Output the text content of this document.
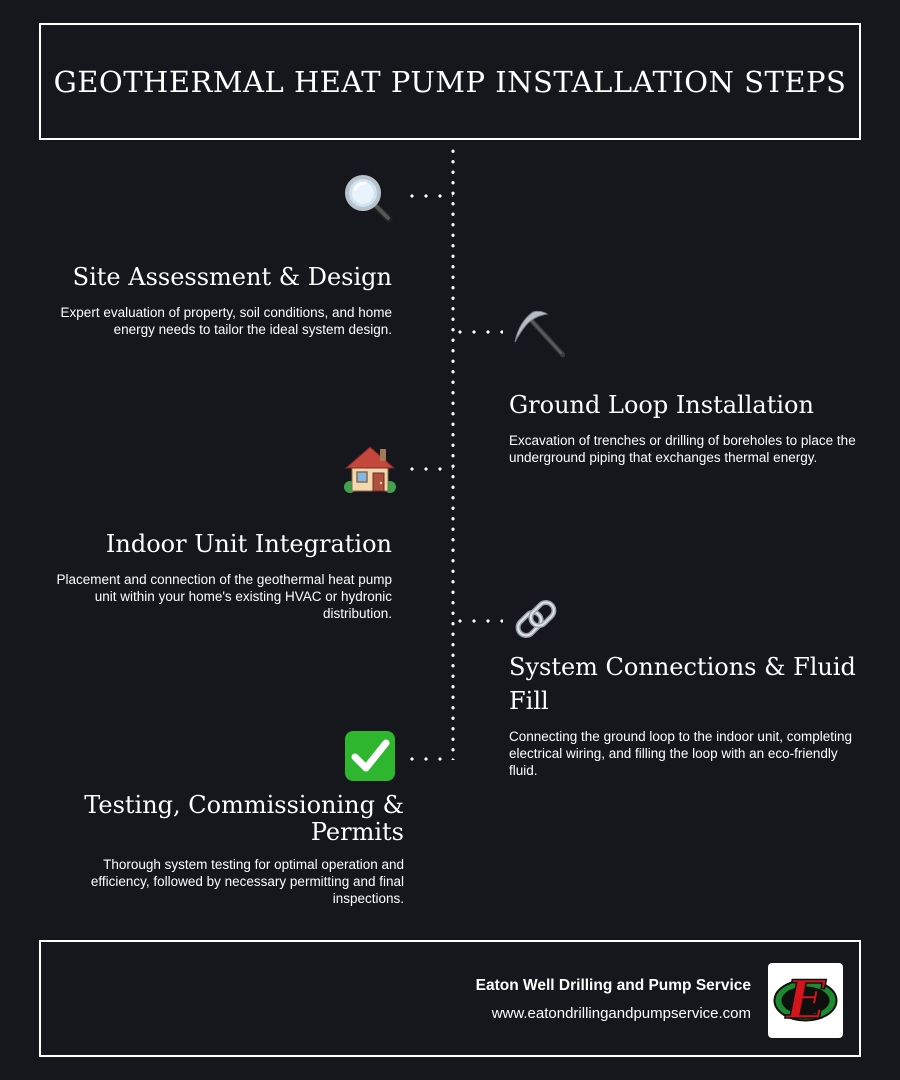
GEOTHERMAL HEAT PUMP INSTALLATION STEPS
Site Assessment & Design

Expert evaluation of property, soil conditions, and home energy needs to tailor the ideal system design.

Ground Loop Installation

Excavation of trenches or drilling of boreholes to place the underground piping that exchanges thermal energy.

Indoor Unit Integration

Placement and connection of the geothermal heat pump unit within your home's existing HVAC or hydronic distribution.

System Connections & Fluid Fill

Connecting the ground loop to the indoor unit, completing electrical wiring, and filling the loop with an eco-friendly fluid.

Testing, Commissioning & Permits

Thorough system testing for optimal operation and efficiency, followed by necessary permitting and final inspections.

Eaton Well Drilling and Pump Service
www.eatondrillingandpumpservice.com E
